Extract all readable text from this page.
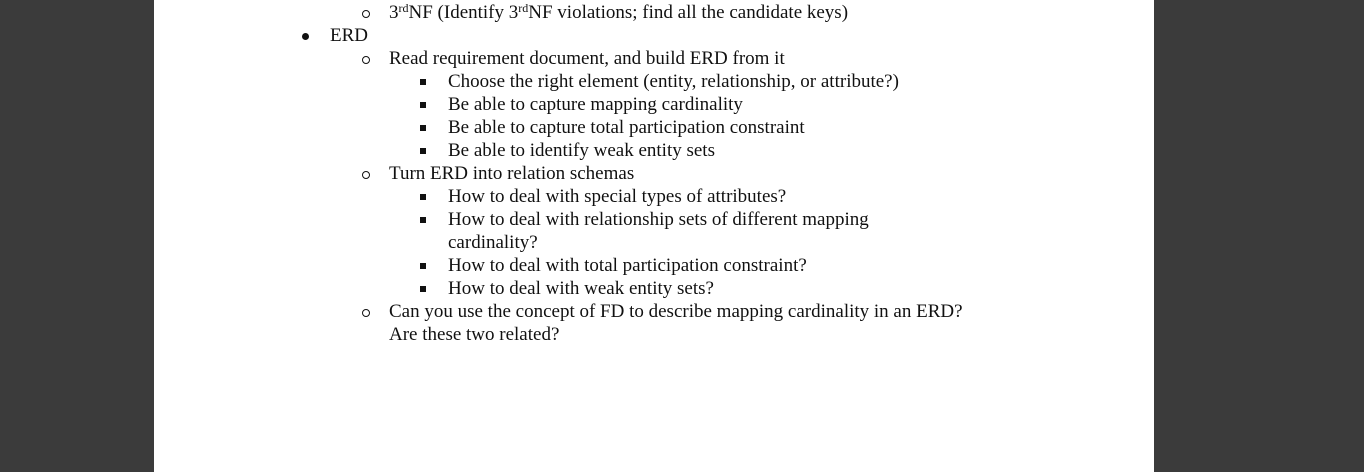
3rdNF (Identify 3rdNF violations; find all the candidate keys)
ERD
Read requirement document, and build ERD from it
Choose the right element (entity, relationship, or attribute?)
Be able to capture mapping cardinality
Be able to capture total participation constraint
Be able to identify weak entity sets
Turn ERD into relation schemas
How to deal with special types of attributes?
How to deal with relationship sets of different mapping
cardinality?
How to deal with total participation constraint?
How to deal with weak entity sets?
Can you use the concept of FD to describe mapping cardinality in an ERD?
Are these two related?
